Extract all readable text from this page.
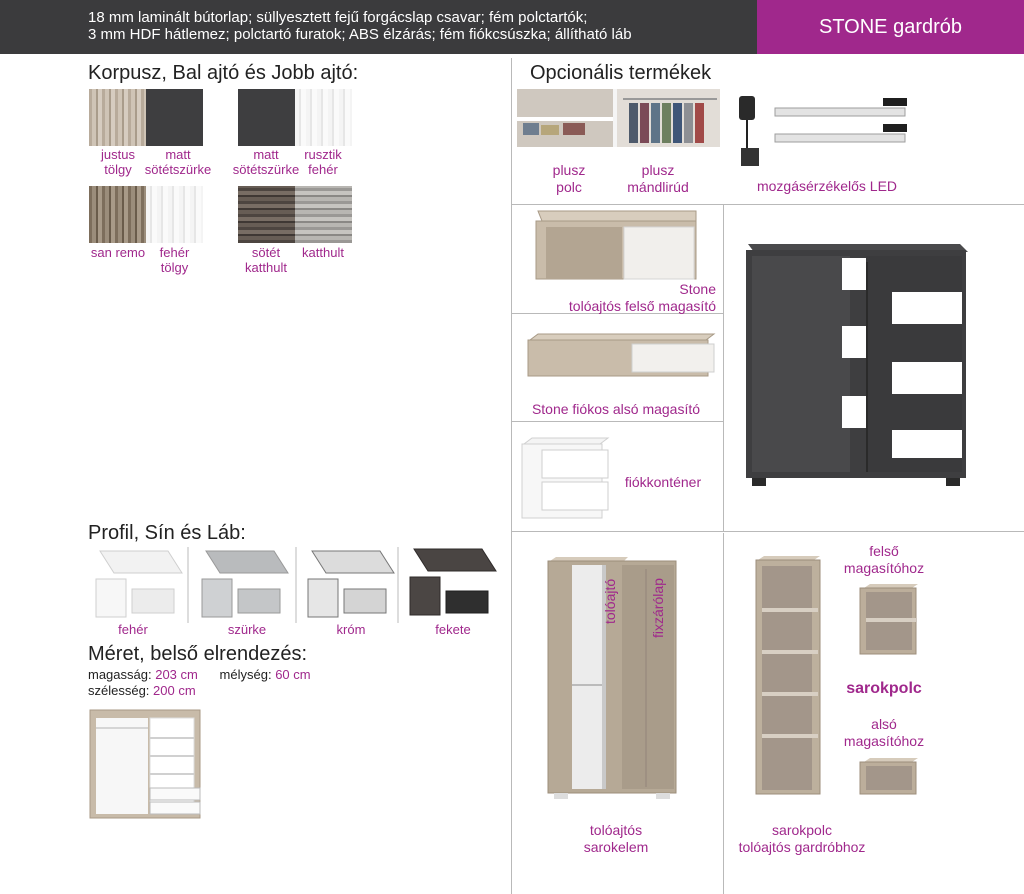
18 mm laminált bútorlap; süllyesztett fejű forgácslap csavar; fém polctartók;
3 mm HDF hátlemez; polctartó furatok; ABS élzárás; fém fiókcsúszka; állítható láb	STONE gardrób
Korpusz, Bal ajtó és Jobb ajtó:
justus
tölgy
matt
sötétszürke
matt
sötétszürke
rusztik
fehér
san remo	fehér
tölgy
sötét
katthult
katthult
Profil, Sín és Láb:
fehér	szürke	króm	fekete
Méret, belső elrendezés:
magasság: 203 cm mélység: 60 cm
szélesség: 200 cm
Opcionális termékek
plusz
polc
plusz
mándlirúd	mozgásérzékelős LED
Stone
tolóajtós felső magasító
Stone fiókos alsó magasító
fiókkonténer
tolóajtó	fixzárólap
tolóajtós
sarokelem
felső
magasítóhoz
sarokpolc
alsó
magasítóhoz
sarokpolc
tolóajtós gardróbhoz
